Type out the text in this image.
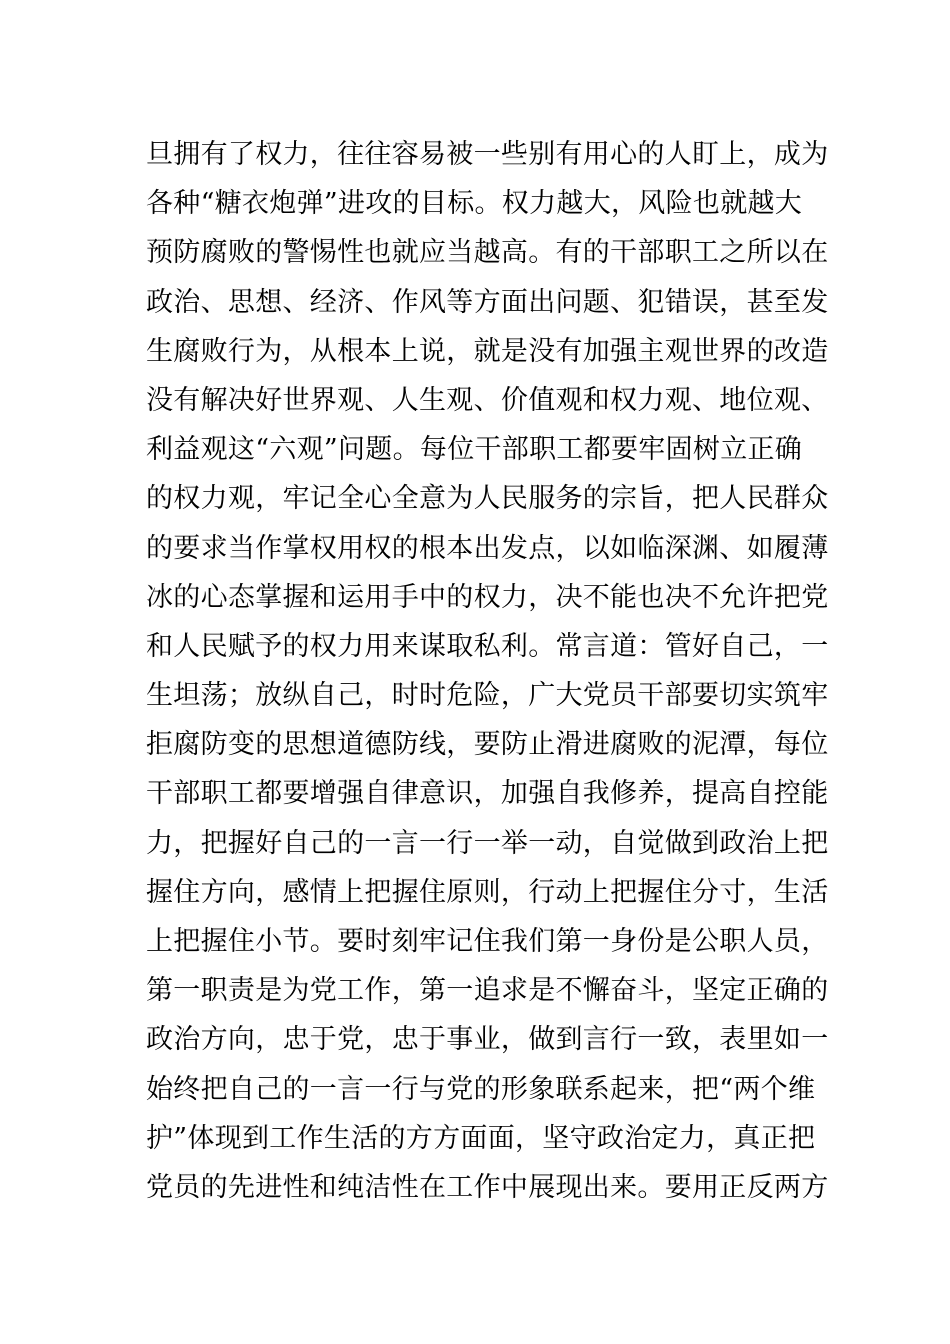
旦拥有了权力，往往容易被一些别有用心的人盯上，成为
各种“糖衣炮弹”进攻的目标。权力越大，风险也就越大
预防腐败的警惕性也就应当越高。有的干部职工之所以在
政治、思想、经济、作风等方面出问题、犯错误，甚至发
生腐败行为，从根本上说，就是没有加强主观世界的改造
没有解决好世界观、人生观、价值观和权力观、地位观、
利益观这“六观”问题。每位干部职工都要牢固树立正确
的权力观，牢记全心全意为人民服务的宗旨，把人民群众
的要求当作掌权用权的根本出发点，以如临深渊、如履薄
冰的心态掌握和运用手中的权力，决不能也决不允许把党
和人民赋予的权力用来谋取私利。常言道：管好自己，一
生坦荡；放纵自己，时时危险，广大党员干部要切实筑牢
拒腐防变的思想道德防线，要防止滑进腐败的泥潭，每位
干部职工都要增强自律意识，加强自我修养，提高自控能
力，把握好自己的一言一行一举一动，自觉做到政治上把
握住方向，感情上把握住原则，行动上把握住分寸，生活
上把握住小节。要时刻牢记住我们第一身份是公职人员，
第一职责是为党工作，第一追求是不懈奋斗，坚定正确的
政治方向，忠于党，忠于事业，做到言行一致，表里如一
始终把自己的一言一行与党的形象联系起来，把“两个维
护”体现到工作生活的方方面面，坚守政治定力，真正把
党员的先进性和纯洁性在工作中展现出来。要用正反两方
